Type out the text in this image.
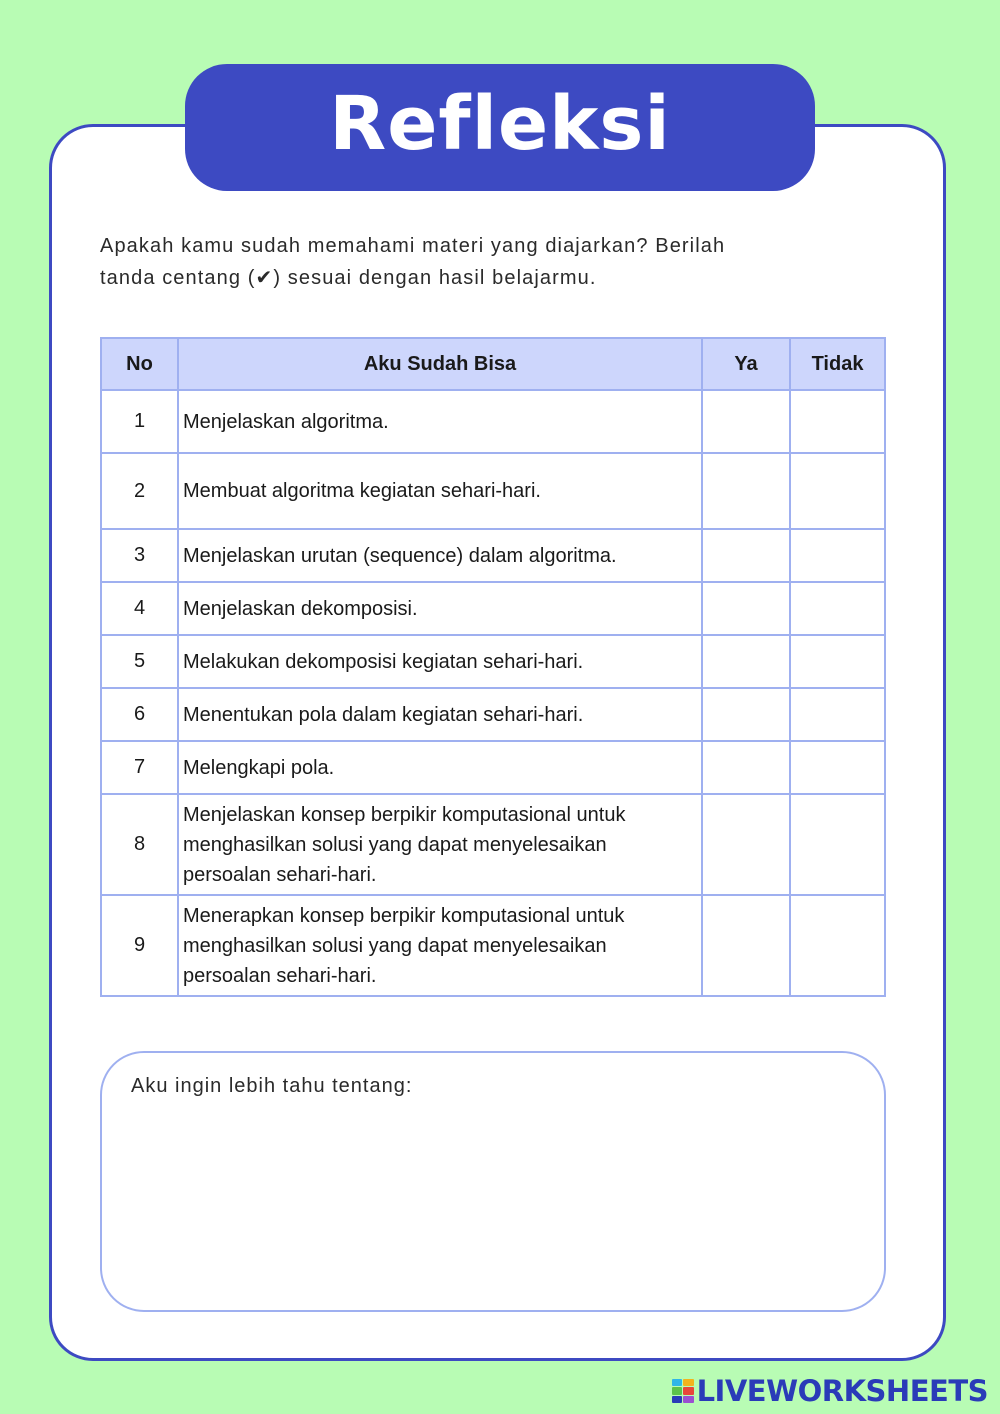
Refleksi
Apakah kamu sudah memahami materi yang diajarkan? Berilah
tanda centang (✔) sesuai dengan hasil belajarmu.
No	Aku Sudah Bisa	Ya	Tidak
1	Menjelaskan algoritma.		
2	Membuat algoritma kegiatan sehari-hari.		
3	Menjelaskan urutan (sequence) dalam algoritma.		
4	Menjelaskan dekomposisi.		
5	Melakukan dekomposisi kegiatan sehari-hari.		
6	Menentukan pola dalam kegiatan sehari-hari.		
7	Melengkapi pola.		
8	Menjelaskan konsep berpikir komputasional untuk menghasilkan solusi yang dapat menyelesaikan persoalan sehari-hari.		
9	Menerapkan konsep berpikir komputasional untuk menghasilkan solusi yang dapat menyelesaikan persoalan sehari-hari.		
Aku ingin lebih tahu tentang:
LIVEWORKSHEETS
